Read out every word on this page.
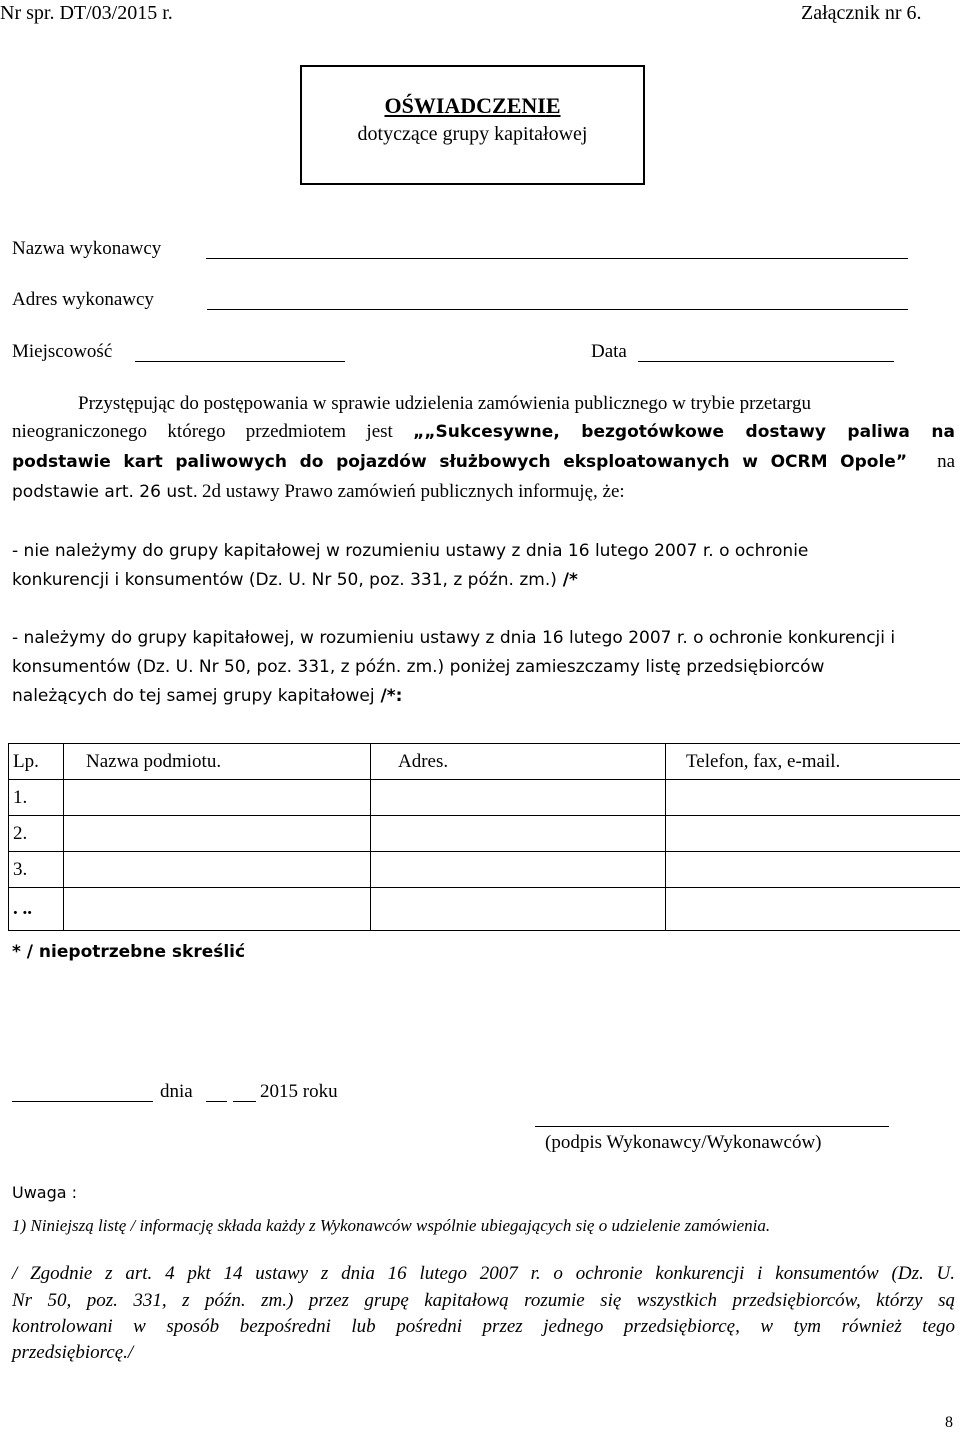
Nr spr. DT/03/2015 r.	Załącznik nr 6.
OŚWIADCZENIE
dotyczące grupy kapitałowej
Nazwa wykonawcy
Adres wykonawcy
Miejscowość	Data
Przystępując do postępowania w sprawie udzielenia zamówienia publicznego w trybie przetargu
nieograniczonego którego przedmiotem jest „„Sukcesywne, bezgotówkowe dostawy paliwa na
podstawie kart paliwowych do pojazdów służbowych eksploatowanych w OCRM Opole” na
podstawie art. 26 ust. 2d ustawy Prawo zamówień publicznych informuję, że:
- nie należymy do grupy kapitałowej w rozumieniu ustawy z dnia 16 lutego 2007 r. o ochronie
konkurencji i konsumentów (Dz. U. Nr 50, poz. 331, z późn. zm.) /*
- należymy do grupy kapitałowej, w rozumieniu ustawy z dnia 16 lutego 2007 r. o ochronie konkurencji i
konsumentów (Dz. U. Nr 50, poz. 331, z późn. zm.) poniżej zamieszczamy listę przedsiębiorców
należących do tej samej grupy kapitałowej /*:
Lp.	Nazwa podmiotu.	Adres.	Telefon, fax, e-mail.
1.			
2.			
3.			
. ..			
* / niepotrzebne skreślić
dnia	2015 roku
(podpis Wykonawcy/Wykonawców)
Uwaga :
1) Niniejszą listę / informację składa każdy z Wykonawców wspólnie ubiegających się o udzielenie zamówienia.
/ Zgodnie z art. 4 pkt 14 ustawy z dnia 16 lutego 2007 r. o ochronie konkurencji i konsumentów (Dz. U.
Nr 50, poz. 331, z późn. zm.) przez grupę kapitałową rozumie się wszystkich przedsiębiorców, którzy są
kontrolowani w sposób bezpośredni lub pośredni przez jednego przedsiębiorcę, w tym również tego
przedsiębiorcę./
8
